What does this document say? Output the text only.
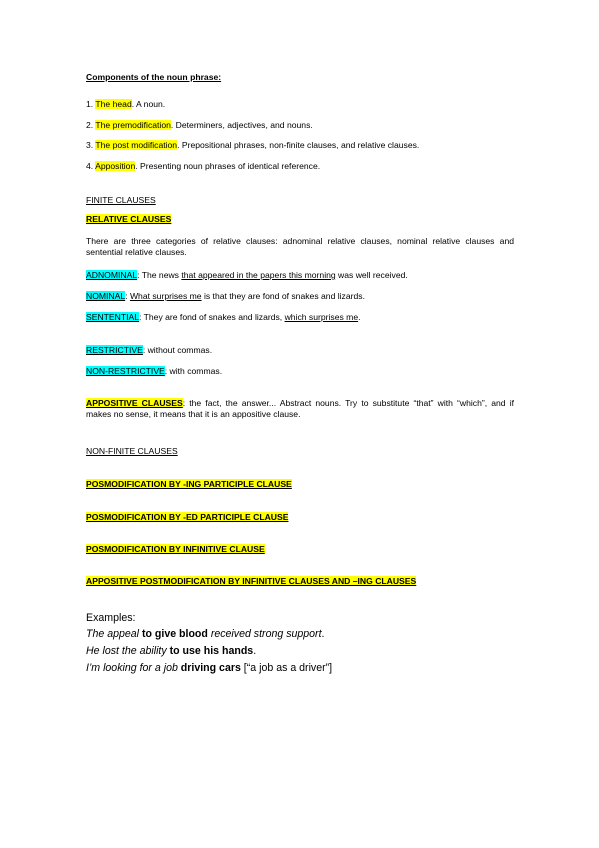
Components of the noun phrase:
1. The head. A noun.
2. The premodification. Determiners, adjectives, and nouns.
3. The post modification. Prepositional phrases, non-finite clauses, and relative clauses.
4. Apposition. Presenting noun phrases of identical reference.
FINITE CLAUSES
RELATIVE CLAUSES
There are three categories of relative clauses: adnominal relative clauses, nominal relative clauses and sentential relative clauses.
ADNOMINAL: The news that appeared in the papers this morning was well received.
NOMINAL: What surprises me is that they are fond of snakes and lizards.
SENTENTIAL: They are fond of snakes and lizards, which surprises me.
RESTRICTIVE: without commas.
NON-RESTRICTIVE: with commas.
APPOSITIVE CLAUSES: the fact, the answer... Abstract nouns. Try to substitute “that” with “which”, and if makes no sense, it means that it is an appositive clause.
NON-FINITE CLAUSES
POSMODIFICATION BY -ING PARTICIPLE CLAUSE
POSMODIFICATION BY -ED PARTICIPLE CLAUSE
POSMODIFICATION BY INFINITIVE CLAUSE
APPOSITIVE POSTMODIFICATION BY INFINITIVE CLAUSES AND –ING CLAUSES
Examples:
The appeal to give blood received strong support.
He lost the ability to use his hands.
I’m looking for a job driving cars [“a job as a driver”]
